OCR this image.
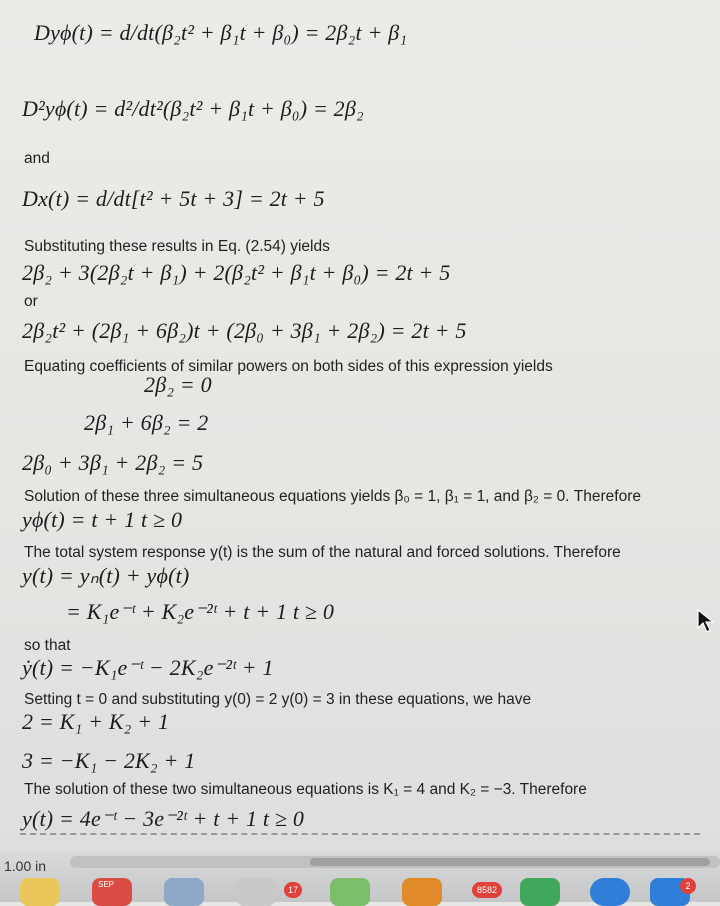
Dyϕ(t) = d/dt(β₂t² + β₁t + β₀) = 2β₂t + β₁
D²yϕ(t) = d²/dt²(β₂t² + β₁t + β₀) = 2β₂
and
Dx(t) = d/dt[t² + 5t + 3] = 2t + 5
Substituting these results in Eq. (2.54) yields
2β₂ + 3(2β₂t + β₁) + 2(β₂t² + β₁t + β₀) = 2t + 5
or
2β₂t² + (2β₁ + 6β₂)t + (2β₀ + 3β₁ + 2β₂) = 2t + 5
Equating coefficients of similar powers on both sides of this expression yields
2β₂ = 0
2β₁ + 6β₂ = 2
2β₀ + 3β₁ + 2β₂ = 5
Solution of these three simultaneous equations yields β₀ = 1, β₁ = 1, and β₂ = 0. Therefore
yϕ(t) = t + 1 t ≥ 0
The total system response y(t) is the sum of the natural and forced solutions. Therefore
y(t) = yₙ(t) + yϕ(t)
= K₁e⁻ᵗ + K₂e⁻²ᵗ + t + 1 t ≥ 0
so that
ẏ(t) = −K₁e⁻ᵗ − 2K₂e⁻²ᵗ + 1
Setting t = 0 and substituting y(0) = 2 y(0) = 3 in these equations, we have
2 = K₁ + K₂ + 1
3 = −K₁ − 2K₂ + 1
The solution of these two simultaneous equations is K₁ = 4 and K₂ = −3. Therefore
y(t) = 4e⁻ᵗ − 3e⁻²ᵗ + t + 1 t ≥ 0
1.00 in
SEP
17	8582	2
